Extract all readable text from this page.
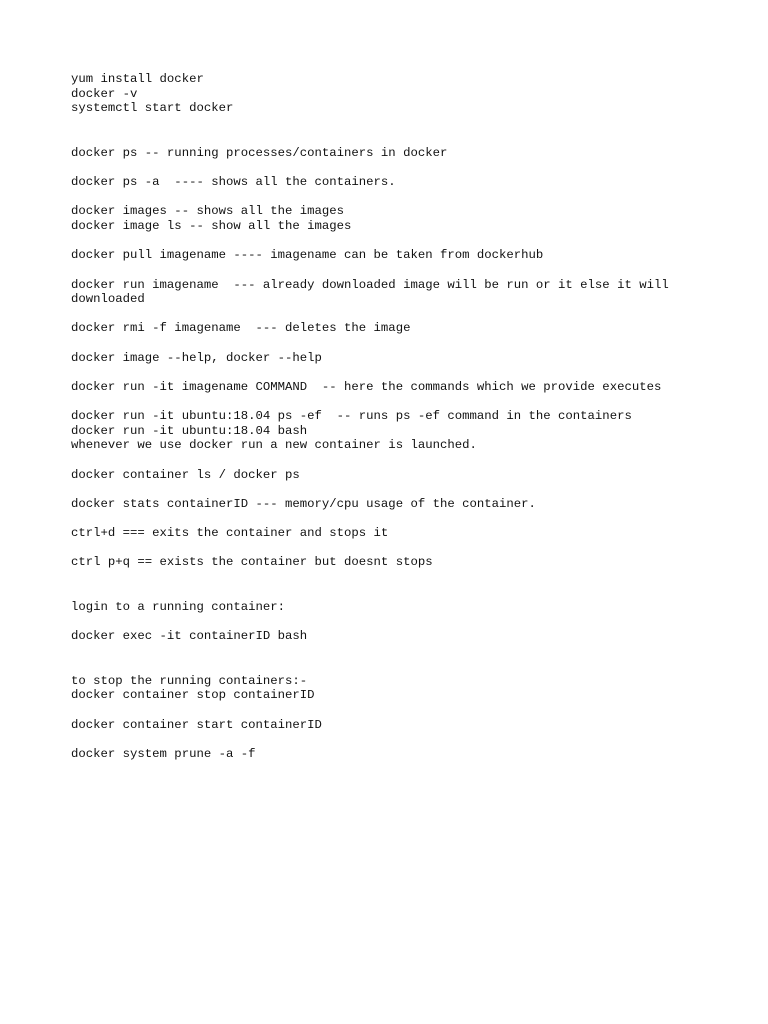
yum install docker
docker -v
systemctl start docker
docker ps -- running processes/containers in docker
docker ps -a  ---- shows all the containers.
docker images -- shows all the images
docker image ls -- show all the images
docker pull imagename ---- imagename can be taken from dockerhub
docker run imagename  --- already downloaded image will be run or it else it will downloaded
docker rmi -f imagename  --- deletes the image
docker image --help, docker --help
docker run -it imagename COMMAND  -- here the commands which we provide executes
docker run -it ubuntu:18.04 ps -ef  -- runs ps -ef command in the containers
docker run -it ubuntu:18.04 bash
whenever we use docker run a new container is launched.
docker container ls / docker ps
docker stats containerID --- memory/cpu usage of the container.
ctrl+d === exits the container and stops it
ctrl p+q == exists the container but doesnt stops
login to a running container:
docker exec -it containerID bash
to stop the running containers:-
docker container stop containerID
docker container start containerID
docker system prune -a -f
